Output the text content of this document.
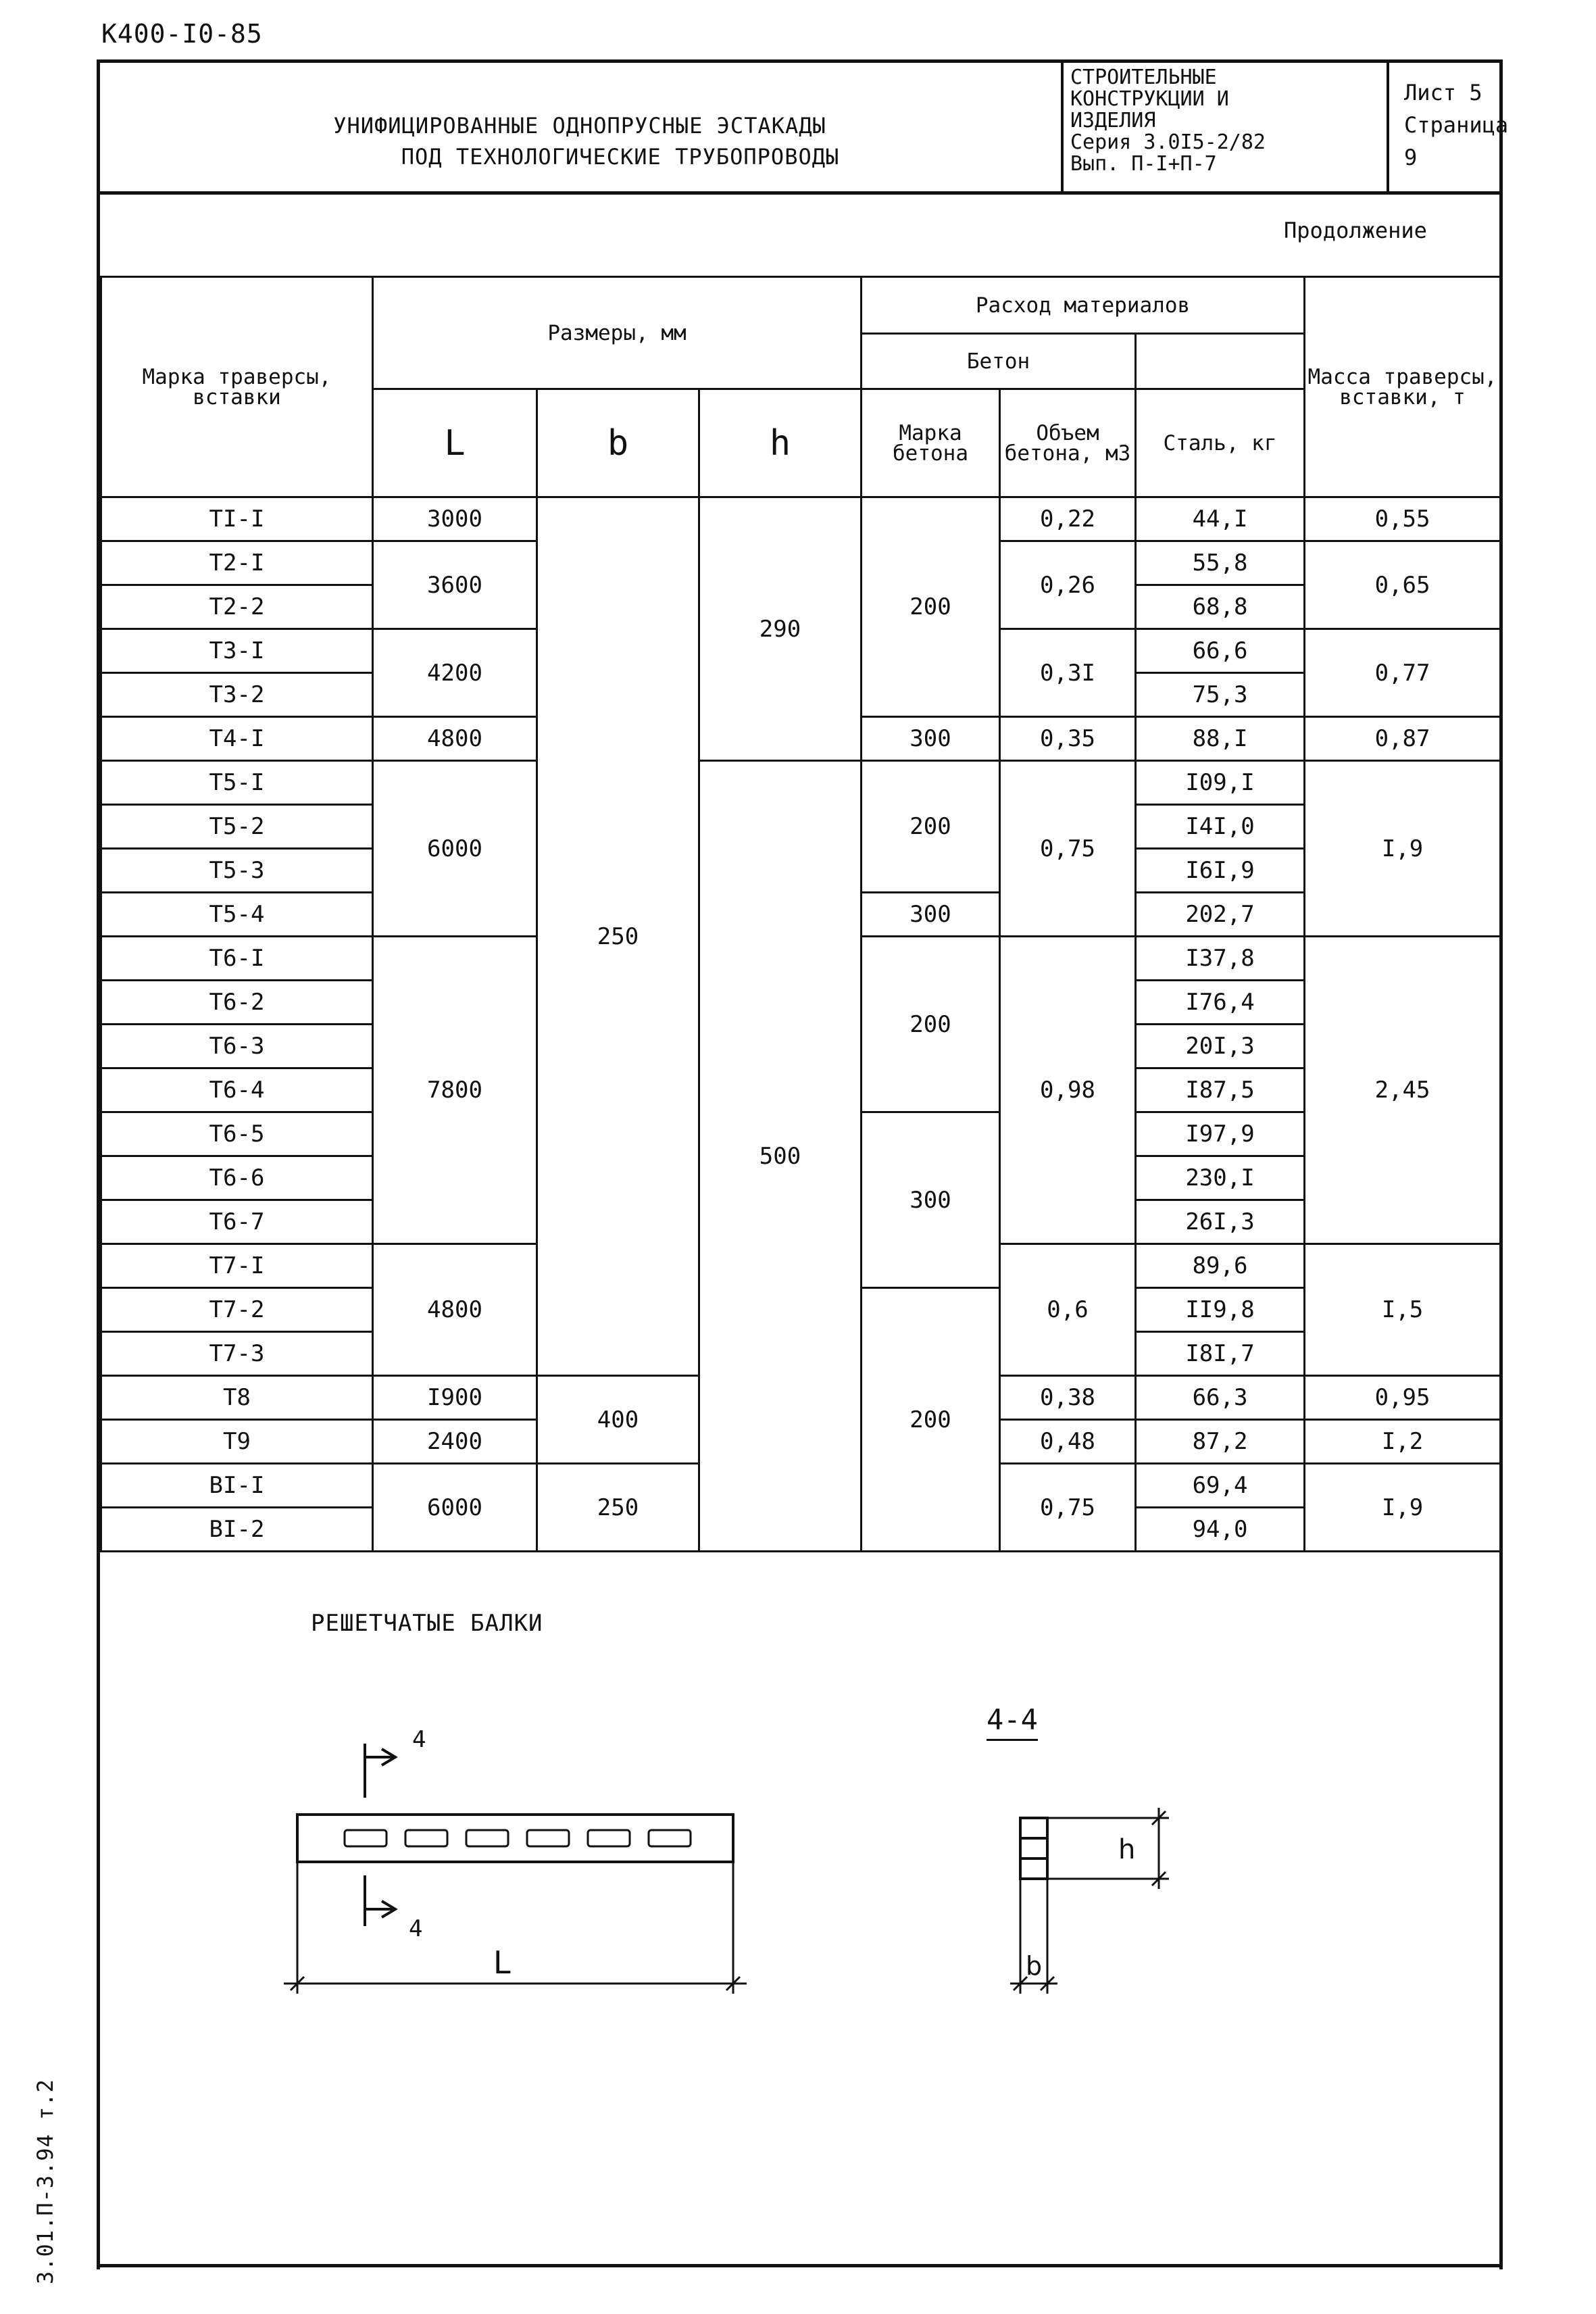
К400-I0-85
3.01.П-3.94 т.2
УНИФИЦИРОВАННЫЕ ОДНОПРУСНЫЕ ЭСТАКАДЫ
ПОД ТЕХНОЛОГИЧЕСКИЕ ТРУБОПРОВОДЫ
СТРОИТЕЛЬНЫЕ
КОНСТРУКЦИИ И
ИЗДЕЛИЯ
Серия 3.0I5-2/82
Вып. П-I+П-7
Лист 5
Страница 9
Продолжение
Марка траверсы, вставки	Размеры, мм			Расход материалов			Масса траверсы, вставки, т
				Бетон			
	L	b	h	Марка бетона	Объем бетона, м3	Сталь, кг	
TI-I	3000	250	290	200	0,22	44,I	0,55
T2-I	3600				0,26	55,8	0,65
T2-2						68,8	
T3-I	4200				0,3I	66,6	0,77
T3-2						75,3	
T4-I	4800			300	0,35	88,I	0,87
T5-I	6000		500	200	0,75	I09,I	I,9
T5-2						I4I,0	
T5-3						I6I,9	
T5-4				300		202,7	
T6-I	7800			200	0,98	I37,8	2,45
T6-2						I76,4	
T6-3						20I,3	
T6-4						I87,5	
T6-5				300		I97,9	
T6-6						230,I	
T6-7						26I,3	
T7-I	4800				0,6	89,6	I,5
T7-2				200		II9,8	
T7-3						I8I,7	
T8	I900	400			0,38	66,3	0,95
T9	2400				0,48	87,2	I,2
BI-I	6000	250			0,75	69,4	I,9
BI-2						94,0	
РЕШЕТЧАТЫЕ БАЛКИ
4
4
L
4-4
h
b
